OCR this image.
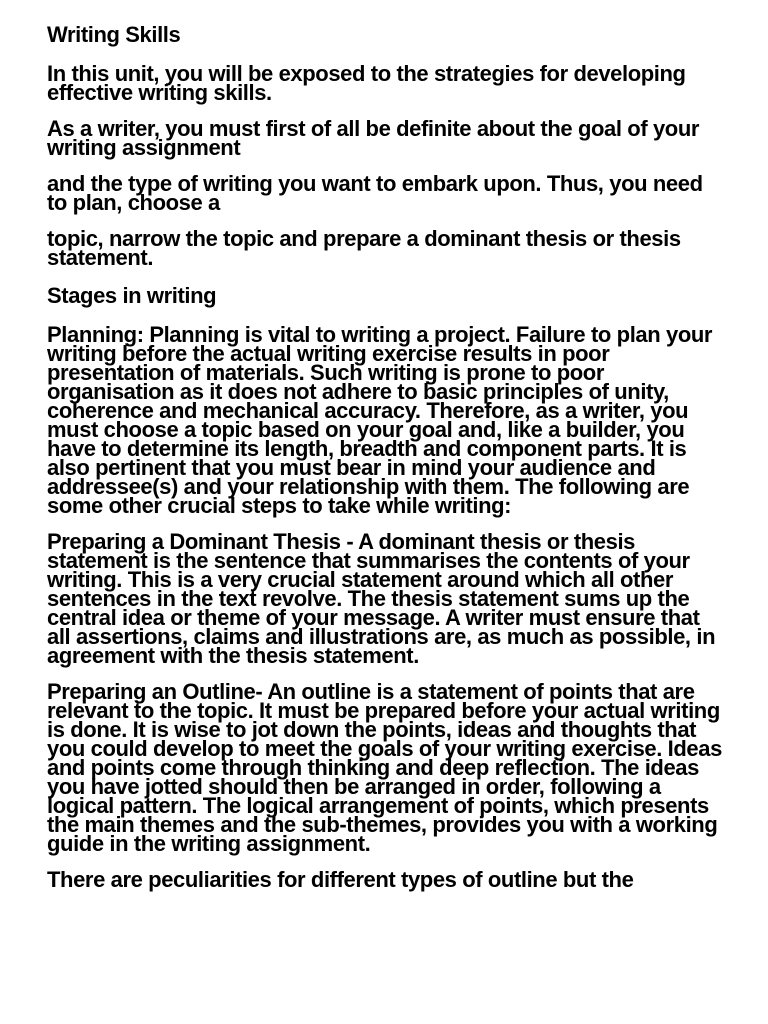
Writing Skills
In this unit, you will be exposed to the strategies for developing effective writing skills.
As a writer, you must first of all be definite about the goal of your writing assignment
and the type of writing you want to embark upon. Thus, you need to plan, choose a
topic, narrow the topic and prepare a dominant thesis or thesis statement.
Stages in writing
Planning: Planning is vital to writing a project. Failure to plan your writing before the actual writing exercise results in poor presentation of materials. Such writing is prone to poor organisation as it does not adhere to basic principles of unity, coherence and mechanical accuracy. Therefore, as a writer, you must choose a topic based on your goal and, like a builder, you have to determine its length, breadth and component parts. It is also pertinent that you must bear in mind your audience and addressee(s) and your relationship with them. The following are some other crucial steps to take while writing:
Preparing a Dominant Thesis - A dominant thesis or thesis statement is the sentence that summarises the contents of your writing. This is a very crucial statement around which all other sentences in the text revolve. The thesis statement sums up the central idea or theme of your message. A writer must ensure that all assertions, claims and illustrations are, as much as possible, in agreement with the thesis statement.
Preparing an Outline- An outline is a statement of points that are relevant to the topic. It must be prepared before your actual writing is done. It is wise to jot down the points, ideas and thoughts that you could develop to meet the goals of your writing exercise. Ideas and points come through thinking and deep reflection. The ideas you have jotted should then be arranged in order, following a logical pattern. The logical arrangement of points, which presents the main themes and the sub-themes, provides you with a working guide in the writing assignment.
There are peculiarities for different types of outline but the
